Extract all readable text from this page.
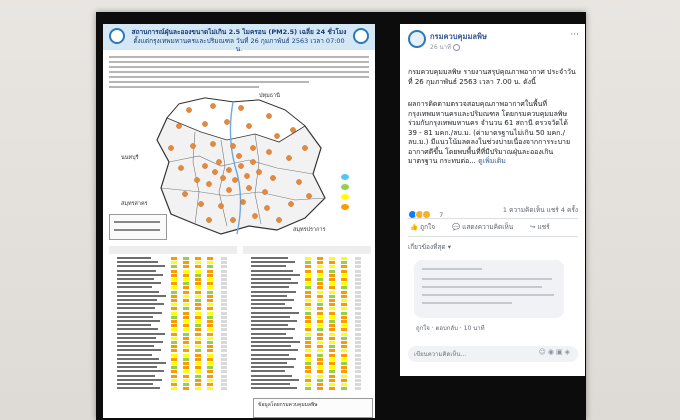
สถานการณ์ฝุ่นละอองขนาดไม่เกิน 2.5 ไมครอน (PM2.5) เฉลี่ย 24 ชั่วโมง
ตั้งแต่กรุงเทพมหานครและปริมณฑล วันที่ 26 กุมภาพันธ์ 2563 เวลา 07:00 น.
ปทุมธานี
นนทบุรี
สมุทรสาคร
สมุทรปราการ
ข้อมูลโดยกรมควบคุมมลพิษ
กรมควบคุมมลพิษ
26 นาที
···
กรมควบคุมมลพิษ รายงานสรุปคุณภาพอากาศ ประจำวันที่ 26 กุมภาพันธ์ 2563 เวลา 7.00 น. ดังนี้
ผลการติดตามตรวจสอบคุณภาพอากาศในพื้นที่กรุงเทพมหานครและปริมณฑล โดยกรมควบคุมมลพิษร่วมกับกรุงเทพมหานคร จำนวน 61 สถานี ตรวจวัดได้ 39 - 81 มคก./ลบ.ม. (ค่ามาตรฐานไม่เกิน 50 มคก./ลบ.ม.) มีแนวโน้มลดลงในช่วงบ่ายเนื่องจากการระบายอากาศดีขึ้น โดยพบพื้นที่ที่มีปริมาณฝุ่นละอองเกินมาตรฐาน กระทบต่อ... ดูเพิ่มเติม
7
1 ความคิดเห็น แชร์ 4 ครั้ง
👍 ถูกใจ	💬 แสดงความคิดเห็น	↪ แชร์
เกี่ยวข้องที่สุด ▾
ถูกใจ · ตอบกลับ · 10 นาที
เขียนความคิดเห็น...
☺◉▣◈
